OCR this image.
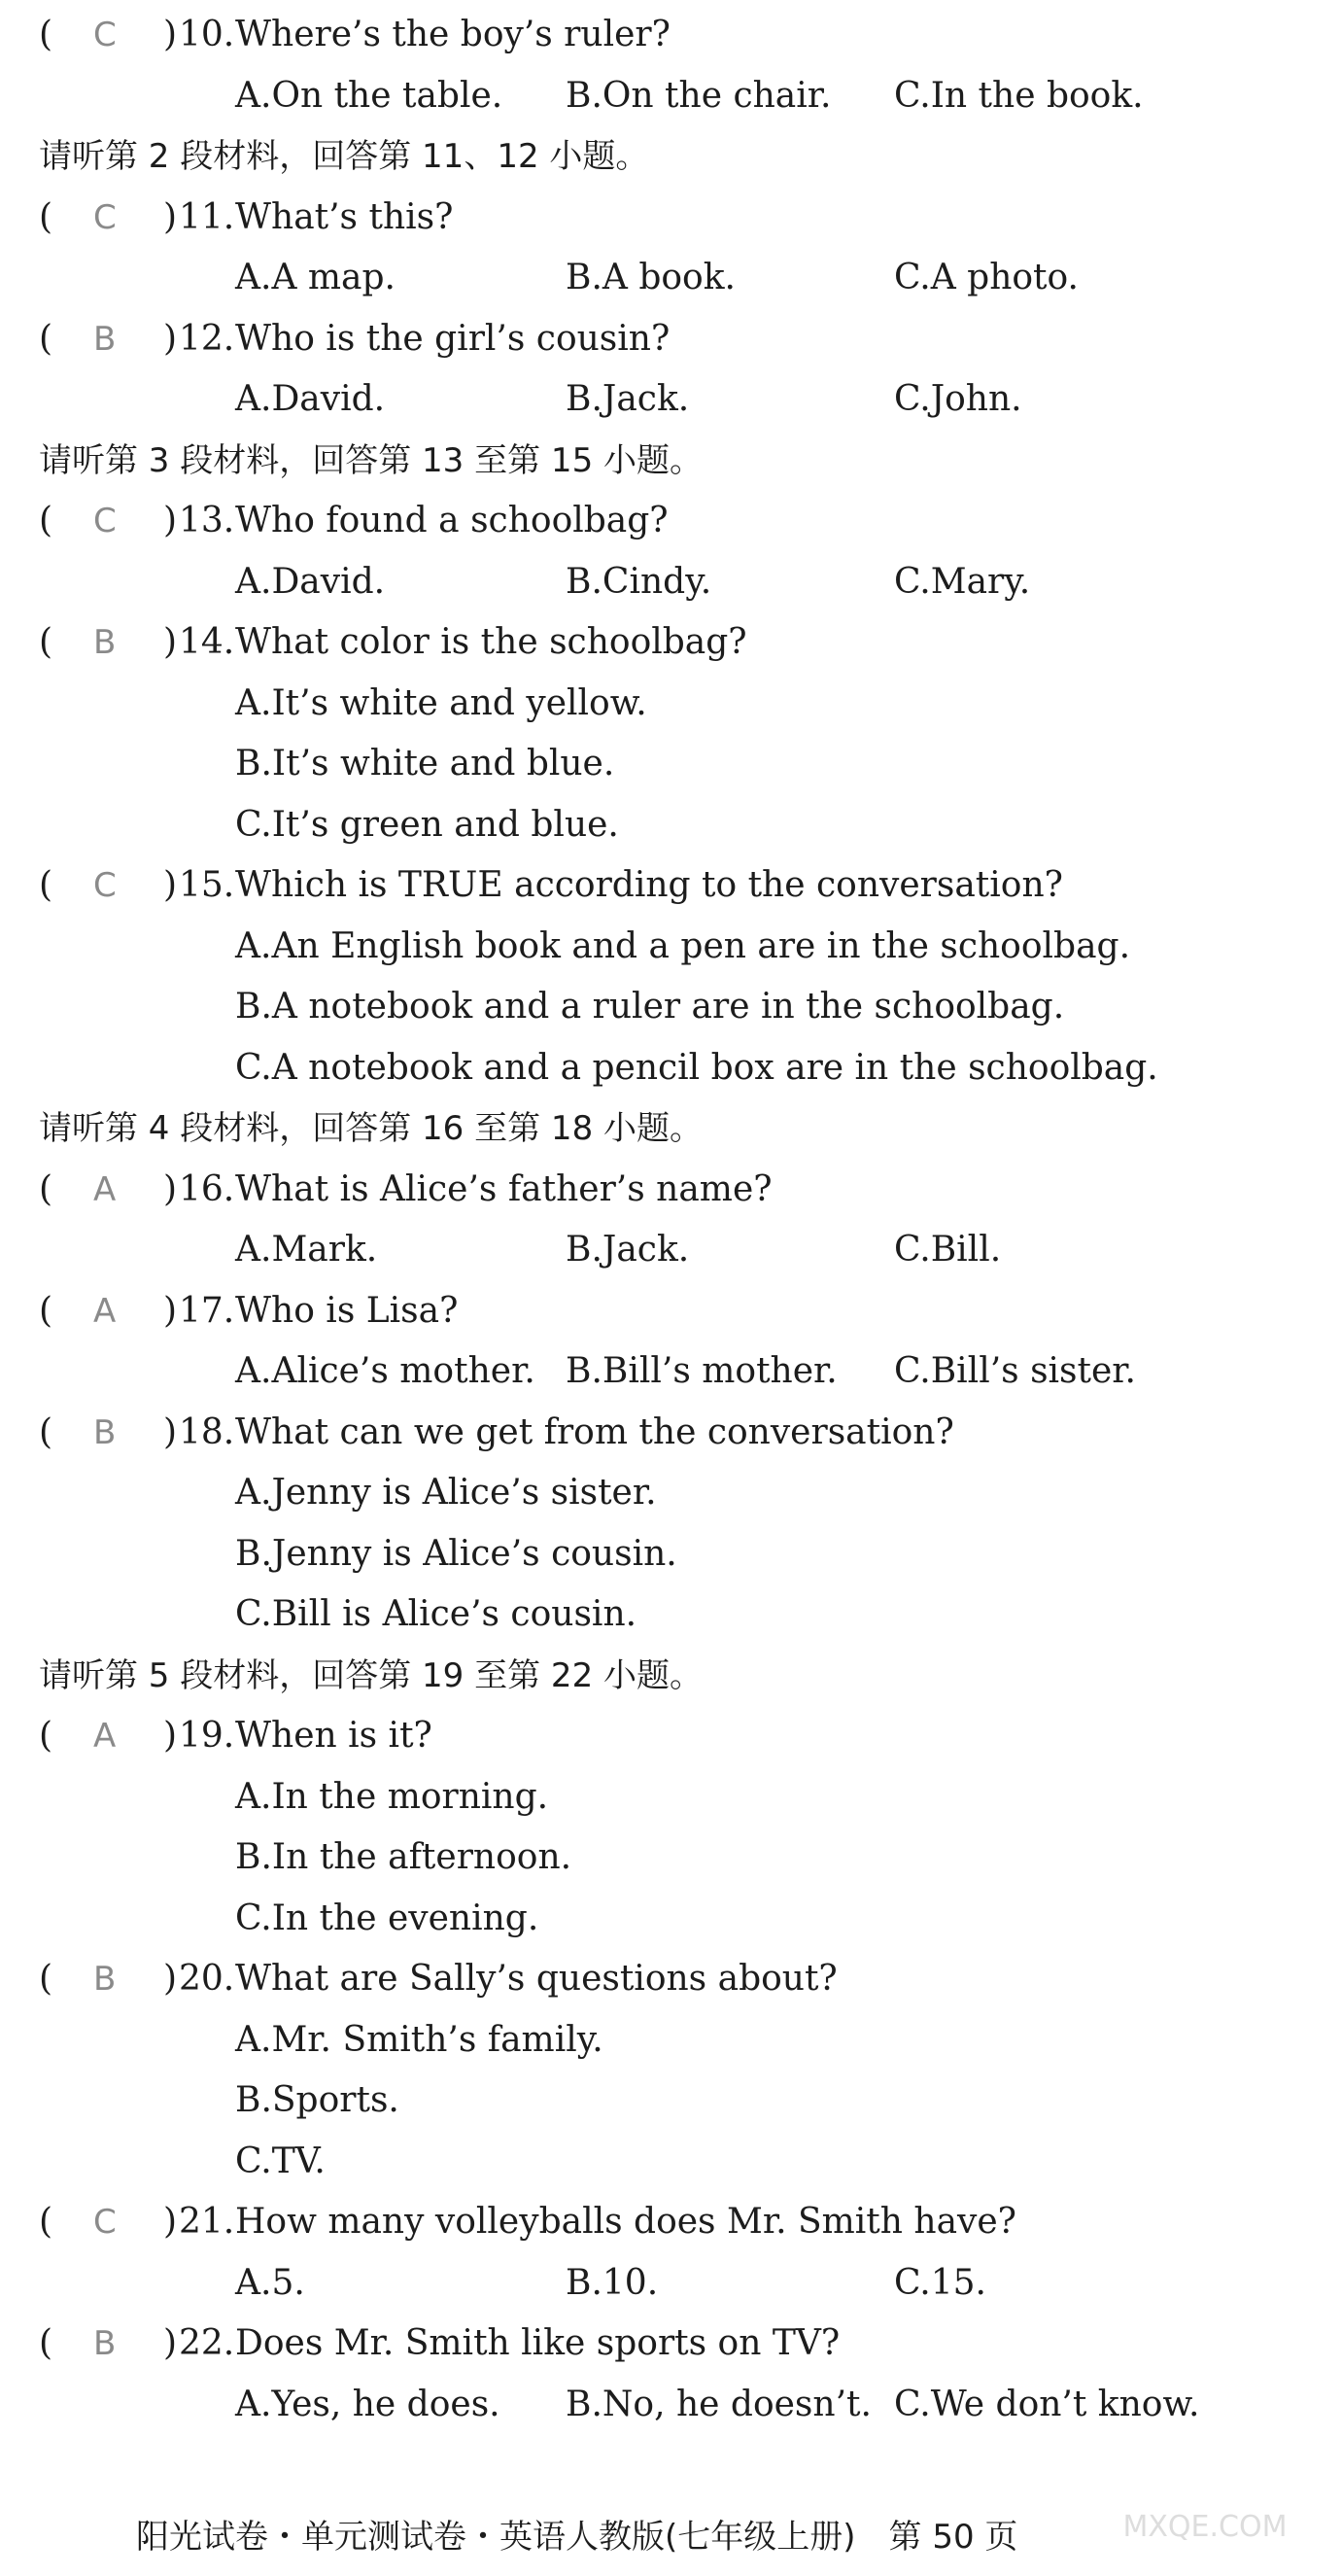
( C ) 10. Where’s the boy’s ruler?
A.On the table. B.On the chair. C.In the book.
请听第 2 段材料，回答第 11、12 小题。
( C ) 11. What’s this?
A.A map.	B.A book.	C.A photo.
( B ) 12. Who is the girl’s cousin?
A.David.	B.Jack.	C.John.
请听第 3 段材料，回答第 13 至第 15 小题。
( C ) 13. Who found a schoolbag?
A.David.	B.Cindy.	C.Mary.
( B ) 14. What color is the schoolbag?
A.It’s white and yellow.
B.It’s white and blue.
C.It’s green and blue.
( C ) 15. Which is TRUE according to the conversation?
A.An English book and a pen are in the schoolbag.
B.A notebook and a ruler are in the schoolbag.
C.A notebook and a pencil box are in the schoolbag.
请听第 4 段材料，回答第 16 至第 18 小题。
( A ) 16. What is Alice’s father’s name?
A.Mark.	B.Jack.	C.Bill.
( A ) 17. Who is Lisa?
A.Alice’s mother. B.Bill’s mother. C.Bill’s sister.
( B ) 18. What can we get from the conversation?
A.Jenny is Alice’s sister.
B.Jenny is Alice’s cousin.
C.Bill is Alice’s cousin.
请听第 5 段材料，回答第 19 至第 22 小题。
( A ) 19. When is it?
A.In the morning.
B.In the afternoon.
C.In the evening.
( B ) 20. What are Sally’s questions about?
A.Mr. Smith’s family.
B.Sports.
C.TV.
( C ) 21. How many volleyballs does Mr. Smith have?
A.5.	B.10.	C.15.
( B ) 22. Does Mr. Smith like sports on TV?
A.Yes, he does. B.No, he doesn’t. C.We don’t know.
阳光试卷・单元测试卷・英语人教版(七年级上册)　第 50 页	MXQE.COM
